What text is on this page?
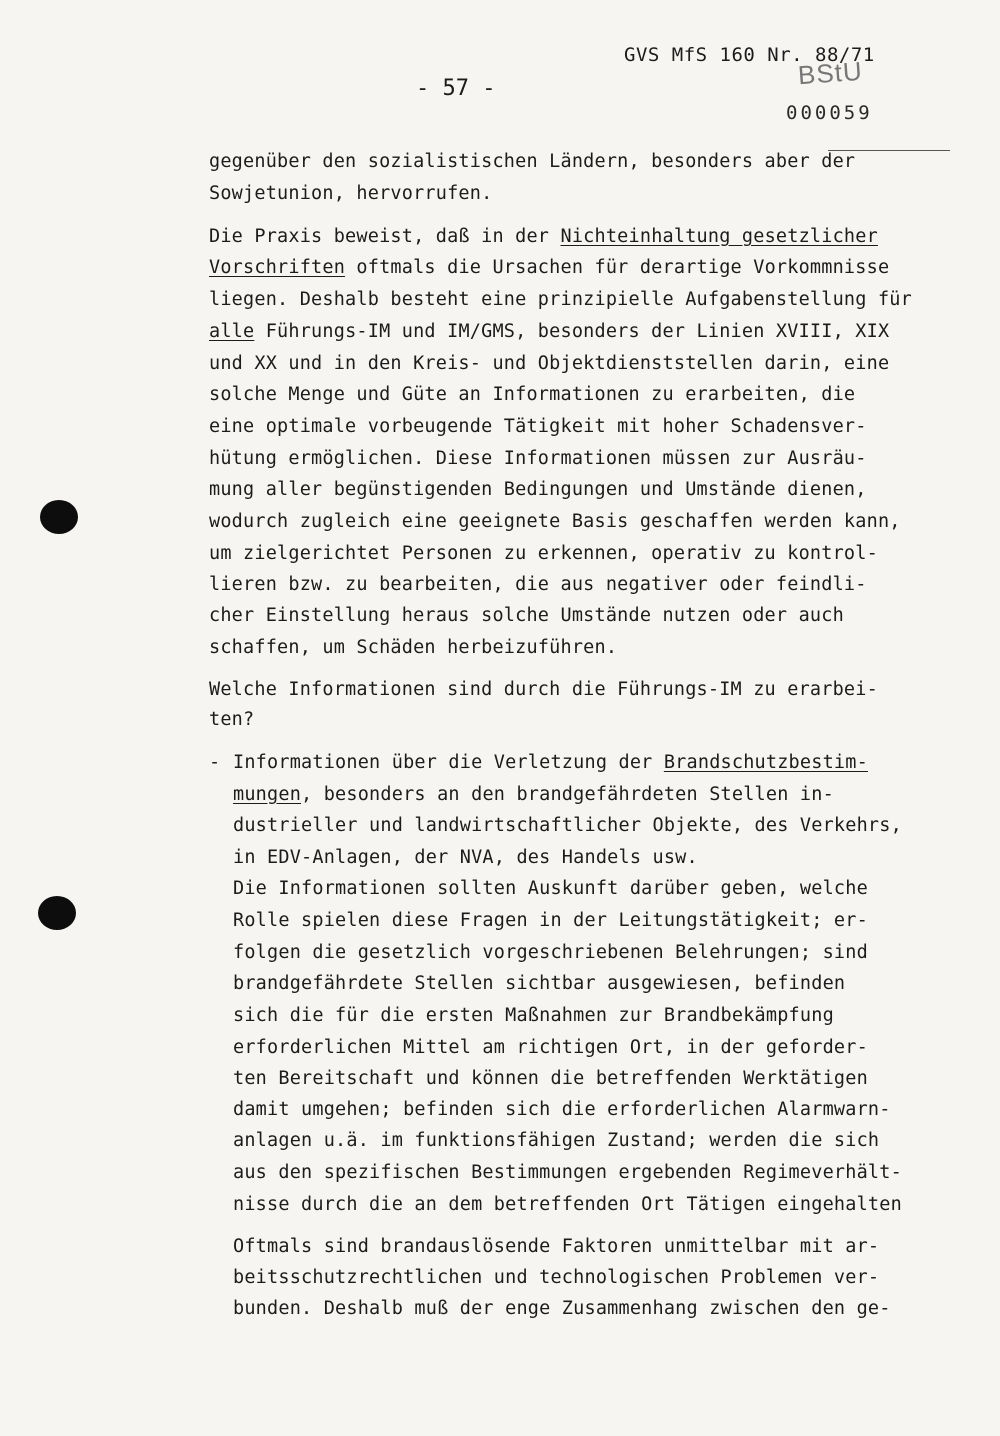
GVS MfS 160 Nr. 88/71
BStU
- 57 -
000059
gegenüber den sozialistischen Ländern, besonders aber der
Sowjetunion, hervorrufen.
Die Praxis beweist, daß in der Nichteinhaltung gesetzlicher
Vorschriften oftmals die Ursachen für derartige Vorkommnisse
liegen. Deshalb besteht eine prinzipielle Aufgabenstellung für
alle Führungs-IM und IM/GMS, besonders der Linien XVIII, XIX
und XX und in den Kreis- und Objektdienststellen darin, eine
solche Menge und Güte an Informationen zu erarbeiten, die
eine optimale vorbeugende Tätigkeit mit hoher Schadensver-
hütung ermöglichen. Diese Informationen müssen zur Ausräu-
mung aller begünstigenden Bedingungen und Umstände dienen,
wodurch zugleich eine geeignete Basis geschaffen werden kann,
um zielgerichtet Personen zu erkennen, operativ zu kontrol-
lieren bzw. zu bearbeiten, die aus negativer oder feindli-
cher Einstellung heraus solche Umstände nutzen oder auch
schaffen, um Schäden herbeizuführen.
Welche Informationen sind durch die Führungs-IM zu erarbei-
ten?
- Informationen über die Verletzung der Brandschutzbestim-
mungen, besonders an den brandgefährdeten Stellen in-
dustrieller und landwirtschaftlicher Objekte, des Verkehrs,
in EDV-Anlagen, der NVA, des Handels usw.
Die Informationen sollten Auskunft darüber geben, welche
Rolle spielen diese Fragen in der Leitungstätigkeit; er-
folgen die gesetzlich vorgeschriebenen Belehrungen; sind
brandgefährdete Stellen sichtbar ausgewiesen, befinden
sich die für die ersten Maßnahmen zur Brandbekämpfung
erforderlichen Mittel am richtigen Ort, in der geforder-
ten Bereitschaft und können die betreffenden Werktätigen
damit umgehen; befinden sich die erforderlichen Alarmwarn-
anlagen u.ä. im funktionsfähigen Zustand; werden die sich
aus den spezifischen Bestimmungen ergebenden Regimeverhält-
nisse durch die an dem betreffenden Ort Tätigen eingehalten
Oftmals sind brandauslösende Faktoren unmittelbar mit ar-
beitsschutzrechtlichen und technologischen Problemen ver-
bunden. Deshalb muß der enge Zusammenhang zwischen den ge-
